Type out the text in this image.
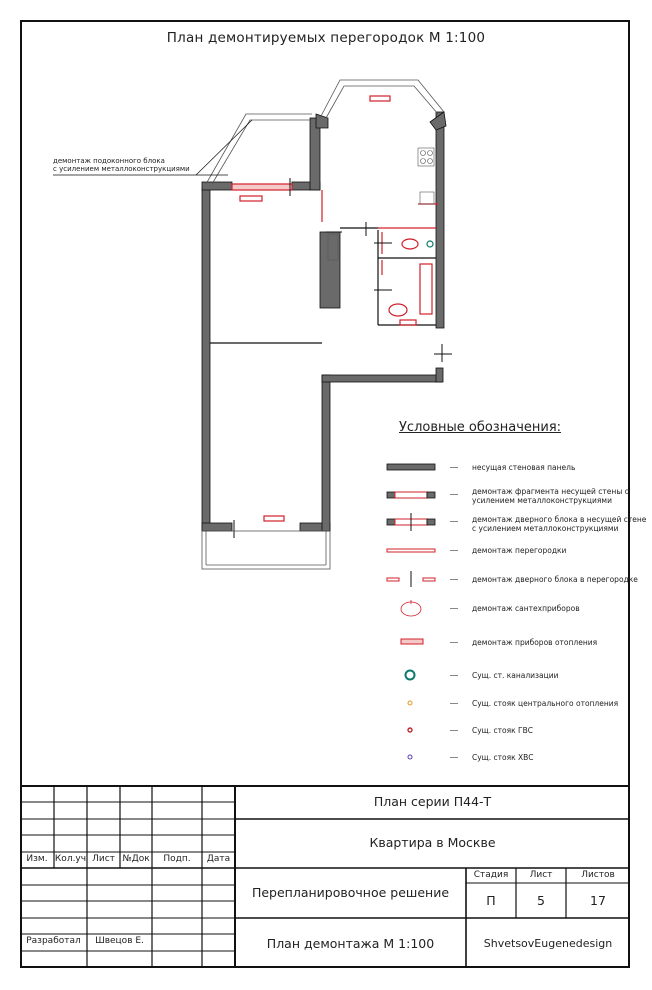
План демонтируемых перегородок М 1:100
демонтаж подоконного блока
с усилением металлоконструкциями
Условные обозначения:
несущая стеновая панель
демонтаж фрагмента несущей стены с
усилением металлоконструкциями
демонтаж дверного блока в несущей стене
с усилением металлоконструкциями
демонтаж перегородки
демонтаж дверного блока в перегородке
демонтаж сантехприборов
демонтаж приборов отопления
Сущ. ст. канализации
Сущ. стояк центрального отопления
Сущ. стояк ГВС
Сущ. стояк ХВС
Изм. Кол.уч Лист №Док	Подп.	Дата
Разработал	Швецов Е.
План серии П44-Т
Квартира в Москве
Перепланировочное решение
Стадия	Лист	Листов
П	5	17
План демонтажа М 1:100	ShvetsovEugenedesign
